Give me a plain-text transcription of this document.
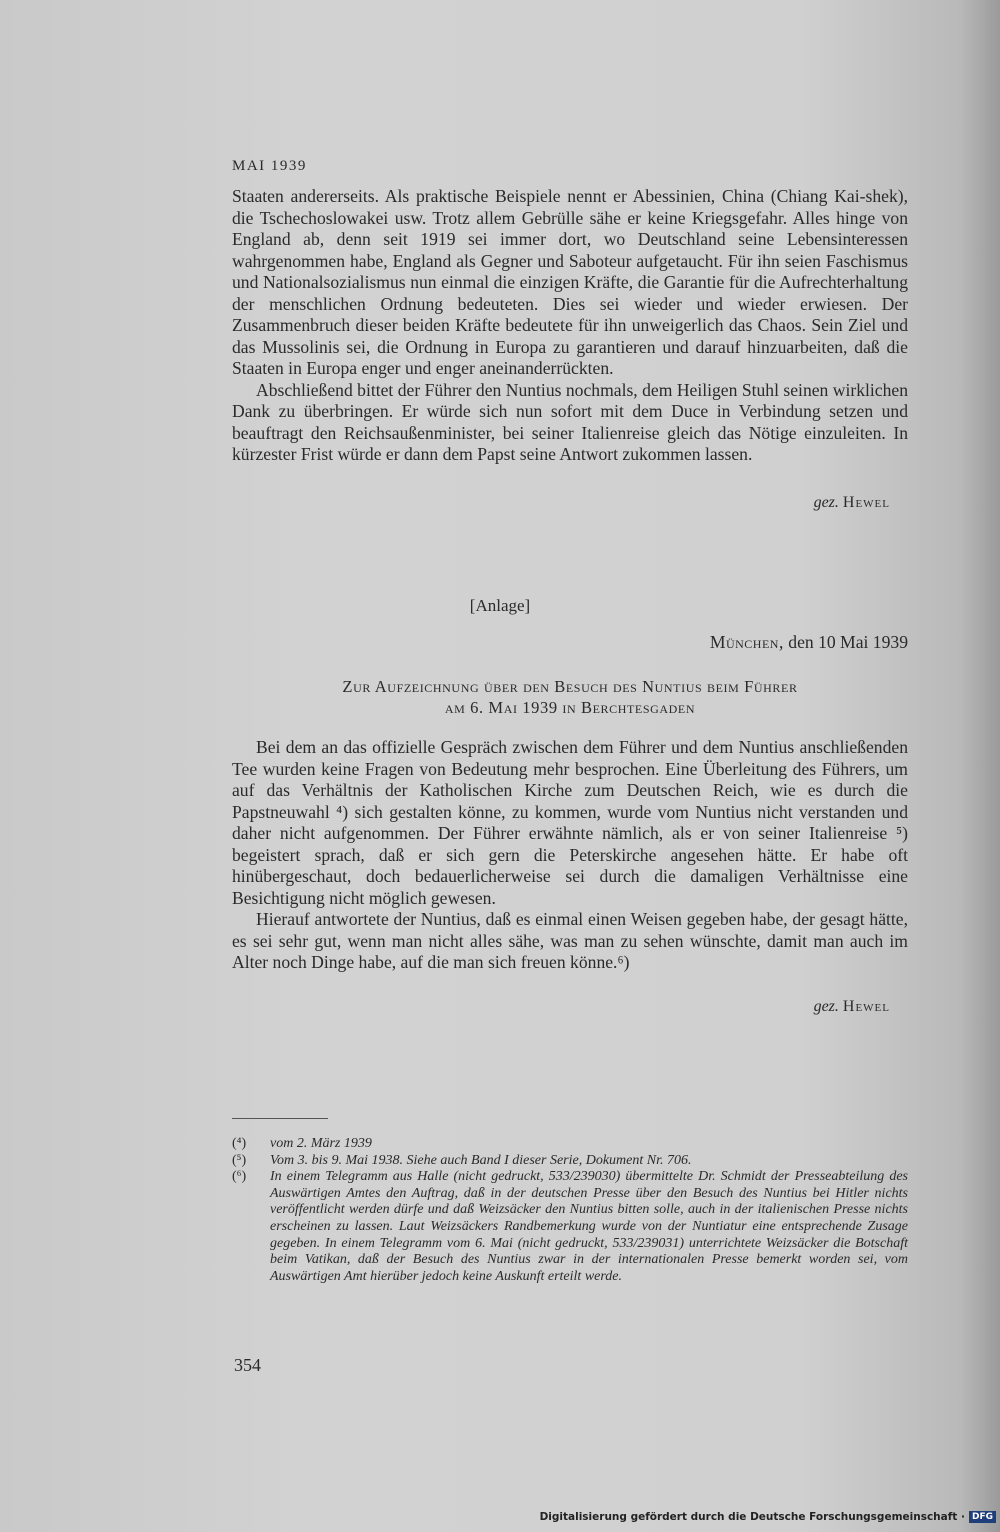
MAI 1939

Staaten andererseits. Als praktische Beispiele nennt er Abessinien, China (Chiang Kai-shek), die Tschechoslowakei usw. Trotz allem Gebrülle sähe er keine Kriegsgefahr. Alles hinge von England ab, denn seit 1919 sei immer dort, wo Deutschland seine Lebensinteressen wahrgenommen habe, England als Gegner und Saboteur aufgetaucht. Für ihn seien Faschismus und Nationalsozialismus nun einmal die einzigen Kräfte, die Garantie für die Aufrechterhaltung der menschlichen Ordnung bedeuteten. Dies sei wieder und wieder erwiesen. Der Zusammenbruch dieser beiden Kräfte bedeutete für ihn unweigerlich das Chaos. Sein Ziel und das Mussolinis sei, die Ordnung in Europa zu garantieren und darauf hinzuarbeiten, daß die Staaten in Europa enger und enger aneinanderrückten.

Abschließend bittet der Führer den Nuntius nochmals, dem Heiligen Stuhl seinen wirklichen Dank zu überbringen. Er würde sich nun sofort mit dem Duce in Verbindung setzen und beauftragt den Reichsaußenminister, bei seiner Italienreise gleich das Nötige einzuleiten. In kürzester Frist würde er dann dem Papst seine Antwort zukommen lassen.

gez. Hewel
[Anlage]
München, den 10 Mai 1939
Zur Aufzeichnung über den Besuch des Nuntius beim Führer
am 6. Mai 1939 in Berchtesgaden

Bei dem an das offizielle Gespräch zwischen dem Führer und dem Nuntius anschließenden Tee wurden keine Fragen von Bedeutung mehr besprochen. Eine Überleitung des Führers, um auf das Verhältnis der Katholischen Kirche zum Deutschen Reich, wie es durch die Papstneuwahl ⁴) sich gestalten könne, zu kommen, wurde vom Nuntius nicht verstanden und daher nicht aufgenommen. Der Führer erwähnte nämlich, als er von seiner Italienreise ⁵) begeistert sprach, daß er sich gern die Peterskirche angesehen hätte. Er habe oft hinübergeschaut, doch bedauerlicherweise sei durch die damaligen Verhältnisse eine Besichtigung nicht möglich gewesen.

Hierauf antwortete der Nuntius, daß es einmal einen Weisen gegeben habe, der gesagt hätte, es sei sehr gut, wenn man nicht alles sähe, was man zu sehen wünschte, damit man auch im Alter noch Dinge habe, auf die man sich freuen könne.⁶)

gez. Hewel
(⁴)	vom 2. März 1939
(⁵)	Vom 3. bis 9. Mai 1938. Siehe auch Band I dieser Serie, Dokument Nr. 706.
(⁶)	In einem Telegramm aus Halle (nicht gedruckt, 533/239030) übermittelte Dr. Schmidt der Presseabteilung des Auswärtigen Amtes den Auftrag, daß in der deutschen Presse über den Besuch des Nuntius bei Hitler nichts veröffentlicht werden dürfe und daß Weizsäcker den Nuntius bitten solle, auch in der italienischen Presse nichts erscheinen zu lassen. Laut Weizsäckers Randbemerkung wurde von der Nuntiatur eine entsprechende Zusage gegeben. In einem Telegramm vom 6. Mai (nicht gedruckt, 533/239031) unterrichtete Weizsäcker die Botschaft beim Vatikan, daß der Besuch des Nuntius zwar in der internationalen Presse bemerkt worden sei, vom Auswärtigen Amt hierüber jedoch keine Auskunft erteilt werde.
354
Digitalisierung gefördert durch die Deutsche Forschungsgemeinschaft · DFG
